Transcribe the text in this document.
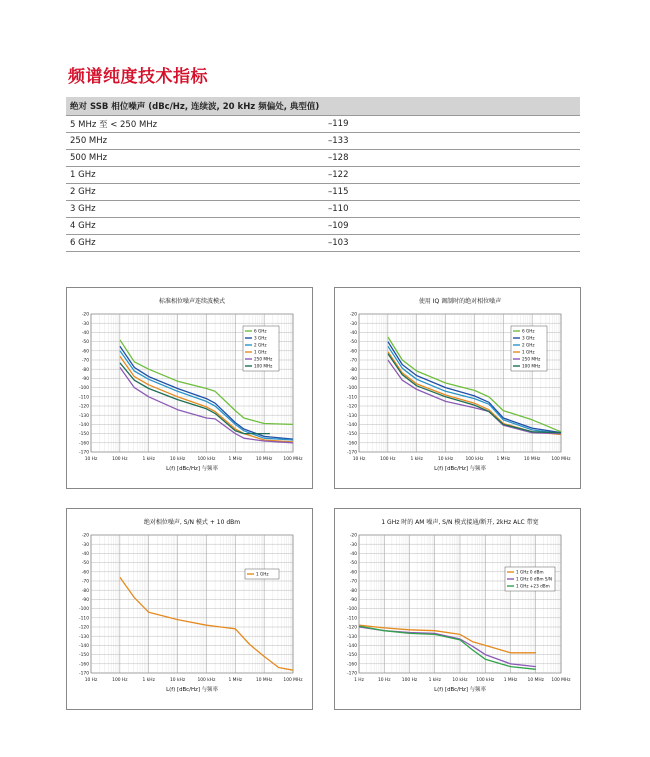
频谱纯度技术指标
绝对 SSB 相位噪声 (dBc/Hz, 连续波, 20 kHz 频偏处, 典型值)	
5 MHz 至 < 250 MHz	–119
250 MHz	–133
500 MHz	–128
1 GHz	–122
2 GHz	–115
3 GHz	–110
4 GHz	–109
6 GHz	–103
标准相位噪声连续波模式
10 Hz	100 Hz	1 kHz	10 kHz	100 kHz	1 MHz	10 MHz	100 MHz
-20
-30
-40
-50
-60
-70
-80
-90
-100
-110
-120
-130
-140
-150
-160
-170
6 GHz
3 GHz
2 GHz
1 GHz
250 MHz
100 MHz
L(f) [dBc/Hz] 与频率
使用 IQ 调制时的绝对相位噪声
10 Hz	100 Hz	1 kHz	10 kHz	100 kHz	1 MHz	10 MHz	100 MHz
-20
-30
-40
-50
-60
-70
-80
-90
-100
-110
-120
-130
-140
-150
-160
-170
6 GHz
3 GHz
2 GHz
1 GHz
250 MHz
100 MHz
L(f) [dBc/Hz] 与频率
绝对相位噪声, S/N 模式 + 10 dBm
10 Hz	100 Hz	1 kHz	10 kHz	100 kHz	1 MHz	10 MHz	100 MHz
-20
-30
-40
-50
-60
-70
-80
-90
-100
-110
-120
-130
-140
-150
-160
-170
1 GHz
L(f) [dBc/Hz] 与频率
1 GHz 时的 AM 噪声, S/N 模式接通/断开, 2kHz ALC 带宽
1 Hz	10 Hz	100 Hz	1 kHz	10 kHz 100 kHz 1 MHz 10 MHz 100 MHz
-20
-30
-40
-50
-60
-70
-80
-90
-100
-110
-120
-130
-140
-150
-160
-170
1 GHz 0 dBm
1 GHz 0 dBm S/N
1 GHz +23 dBm
L(f) [dBc/Hz] 与频率
